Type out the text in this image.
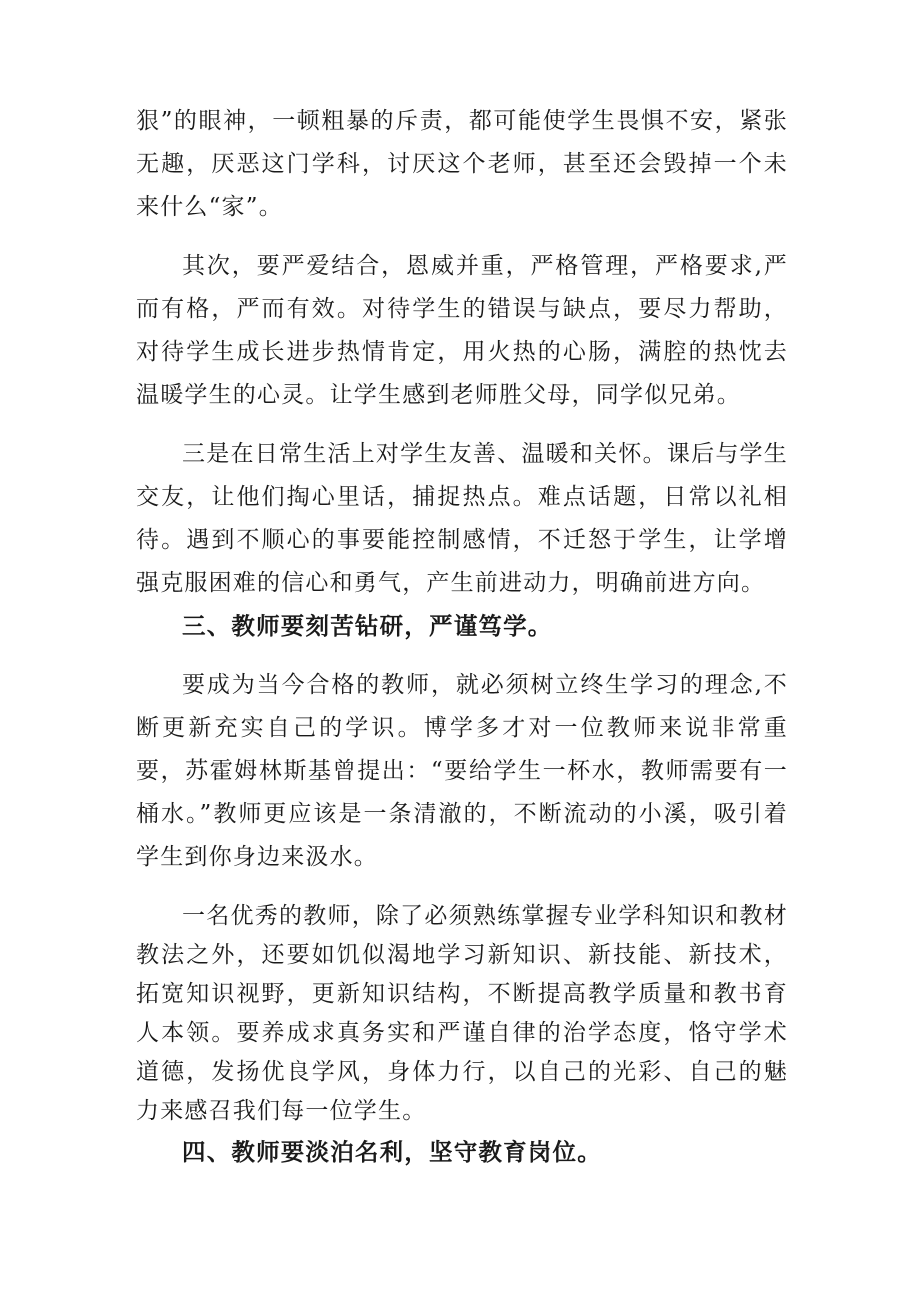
狠”的眼神，一顿粗暴的斥责，都可能使学生畏惧不安，紧张无趣，厌恶这门学科，讨厌这个老师，甚至还会毁掉一个未来什么“家”。

其次，要严爱结合，恩威并重，严格管理，严格要求,严而有格，严而有效。对待学生的错误与缺点，要尽力帮助，对待学生成长进步热情肯定，用火热的心肠，满腔的热忱去温暖学生的心灵。让学生感到老师胜父母，同学似兄弟。

三是在日常生活上对学生友善、温暖和关怀。课后与学生交友，让他们掏心里话，捕捉热点。难点话题，日常以礼相待。遇到不顺心的事要能控制感情，不迁怒于学生，让学增强克服困难的信心和勇气，产生前进动力，明确前进方向。

三、教师要刻苦钻研，严谨笃学。

要成为当今合格的教师，就必须树立终生学习的理念,不断更新充实自己的学识。博学多才对一位教师来说非常重要，苏霍姆林斯基曾提出：“要给学生一杯水，教师需要有一桶水。”教师更应该是一条清澈的，不断流动的小溪，吸引着学生到你身边来汲水。

一名优秀的教师，除了必须熟练掌握专业学科知识和教材教法之外，还要如饥似渴地学习新知识、新技能、新技术，拓宽知识视野，更新知识结构，不断提高教学质量和教书育人本领。要养成求真务实和严谨自律的治学态度，恪守学术道德，发扬优良学风，身体力行，以自己的光彩、自己的魅力来感召我们每一位学生。

四、教师要淡泊名利，坚守教育岗位。
